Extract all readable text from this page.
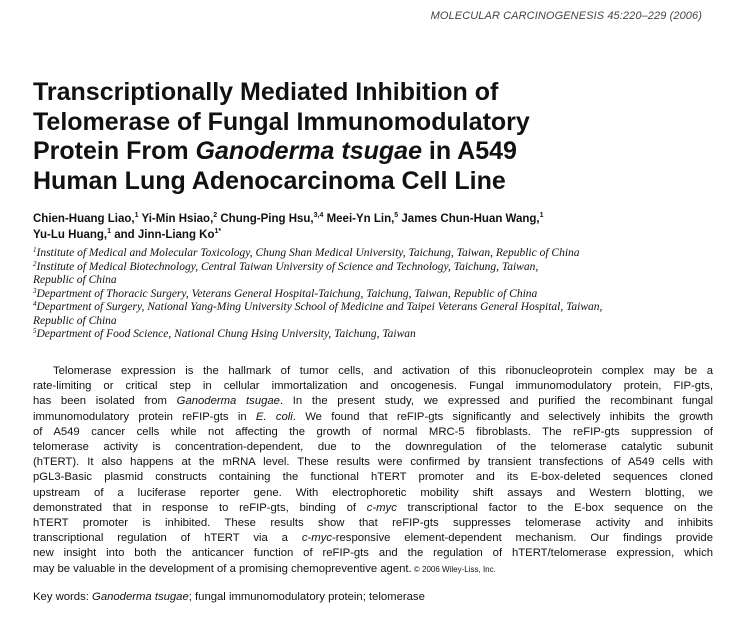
MOLECULAR CARCINOGENESIS 45:220–229 (2006)
Transcriptionally Mediated Inhibition of
Telomerase of Fungal Immunomodulatory
Protein From Ganoderma tsugae in A549
Human Lung Adenocarcinoma Cell Line
Chien-Huang Liao,$^1$ Yi-Min Hsiao,$^2$ Chung-Ping Hsu,$^{3,4}$ Meei-Yn Lin,$^5$ James Chun-Huan Wang,$^1$
Yu-Lu Huang,$^1$ and Jinn-Liang $Ko^{1*}$
$^1$Institute of Medical and Molecular Toxicology, Chung Shan Medical University, Taichung, Taiwan, Republic of China
$^2$Institute of Medical Biotechnology, Central Taiwan University of Science and Technology, Taichung, Taiwan,
Republic of China
$^3$Department of Thoracic Surgery, Veterans General Hospital-Taichung, Taichung, Taiwan, Republic of China
$^4$Department of Surgery, National Yang-Ming University School of Medicine and Taipei Veterans General Hospital, Taiwan,
Republic of China
$^5$Department of Food Science, National Chung Hsing University, Taichung, Taiwan
Telomerase expression is the hallmark of tumor cells, and activation of this ribonucleoprotein complex may be a
rate-limiting or critical step in cellular immortalization and oncogenesis. Fungal immunomodulatory protein, FIP-gts,
has been isolated from Ganoderma tsugae. In the present study, we expressed and purified the recombinant fungal
immunomodulatory protein reFIP-gts in E. coli. We found that reFIP-gts significantly and selectively inhibits the growth
of A549 cancer cells while not affecting the growth of normal MRC-5 fibroblasts. The reFIP-gts suppression of
telomerase activity is concentration-dependent, due to the downregulation of the telomerase catalytic subunit
(hTERT). It also happens at the mRNA level. These results were confirmed by transient transfections of A549 cells with
pGL3-Basic plasmid constructs containing the functional hTERT promoter and its E-box-deleted sequences cloned
upstream of a luciferase reporter gene. With electrophoretic mobility shift assays and Western blotting, we
demonstrated that in response to reFIP-gts, binding of c-myc transcriptional factor to the E-box sequence on the
hTERT promoter is inhibited. These results show that reFIP-gts suppresses telomerase activity and inhibits
transcriptional regulation of hTERT via a c-myc-responsive element-dependent mechanism. Our findings provide
new insight into both the anticancer function of reFIP-gts and the regulation of hTERT/telomerase expression, which
may be valuable in the development of a promising chemopreventive agent. © 2006 Wiley-Liss, Inc.
Key words: Ganoderma tsugae; fungal immunomodulatory protein; telomerase
